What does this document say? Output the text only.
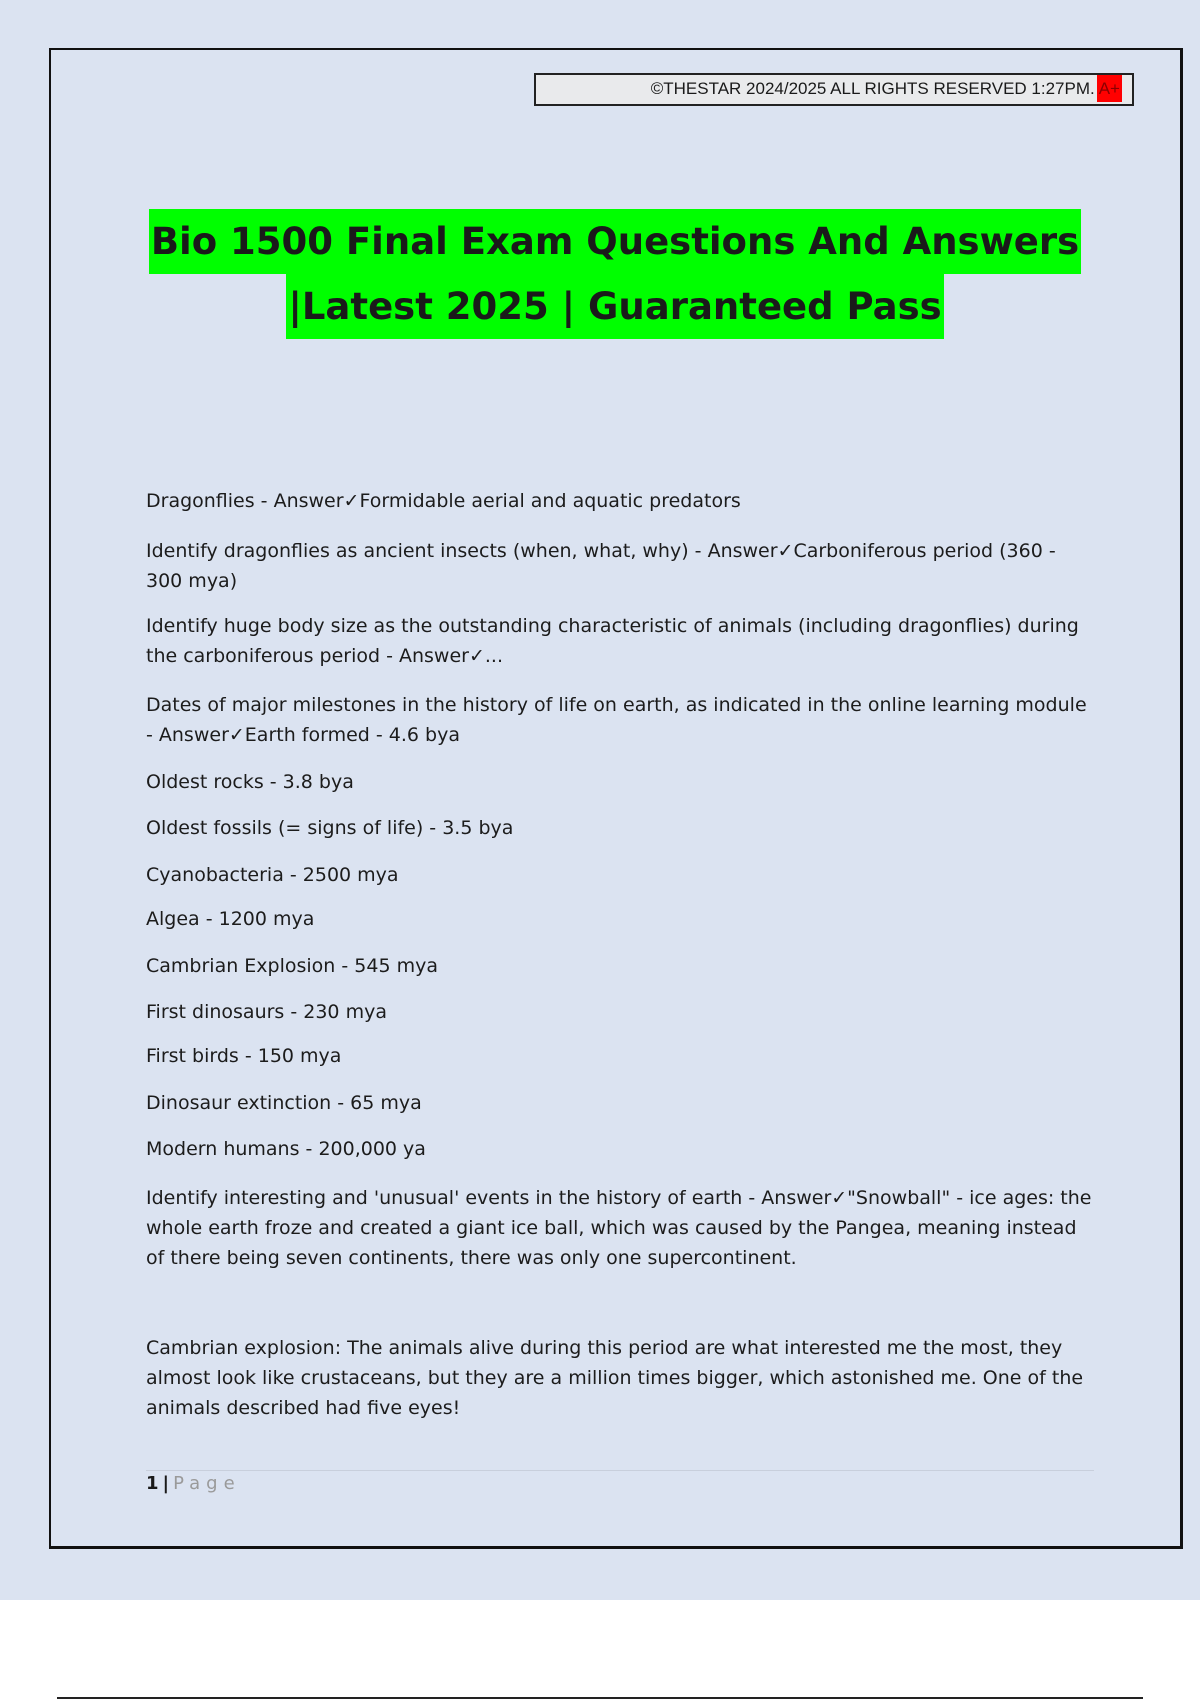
©THESTAR 2024/2025 ALL RIGHTS RESERVED 1:27PM. A+
Bio 1500 Final Exam Questions And Answers
|Latest 2025 | Guaranteed Pass
Dragonflies - Answer✓Formidable aerial and aquatic predators
Identify dragonflies as ancient insects (when, what, why) - Answer✓Carboniferous period (360 - 300 mya)
Identify huge body size as the outstanding characteristic of animals (including dragonflies) during the carboniferous period - Answer✓...
Dates of major milestones in the history of life on earth, as indicated in the online learning module - Answer✓Earth formed - 4.6 bya
Oldest rocks - 3.8 bya
Oldest fossils (= signs of life) - 3.5 bya
Cyanobacteria - 2500 mya
Algea - 1200 mya
Cambrian Explosion - 545 mya
First dinosaurs - 230 mya
First birds - 150 mya
Dinosaur extinction - 65 mya
Modern humans - 200,000 ya
Identify interesting and 'unusual' events in the history of earth - Answer✓"Snowball" - ice ages: the whole earth froze and created a giant ice ball, which was caused by the Pangea, meaning instead of there being seven continents, there was only one supercontinent.
Cambrian explosion: The animals alive during this period are what interested me the most, they almost look like crustaceans, but they are a million times bigger, which astonished me. One of the animals described had five eyes!
1 | Page
